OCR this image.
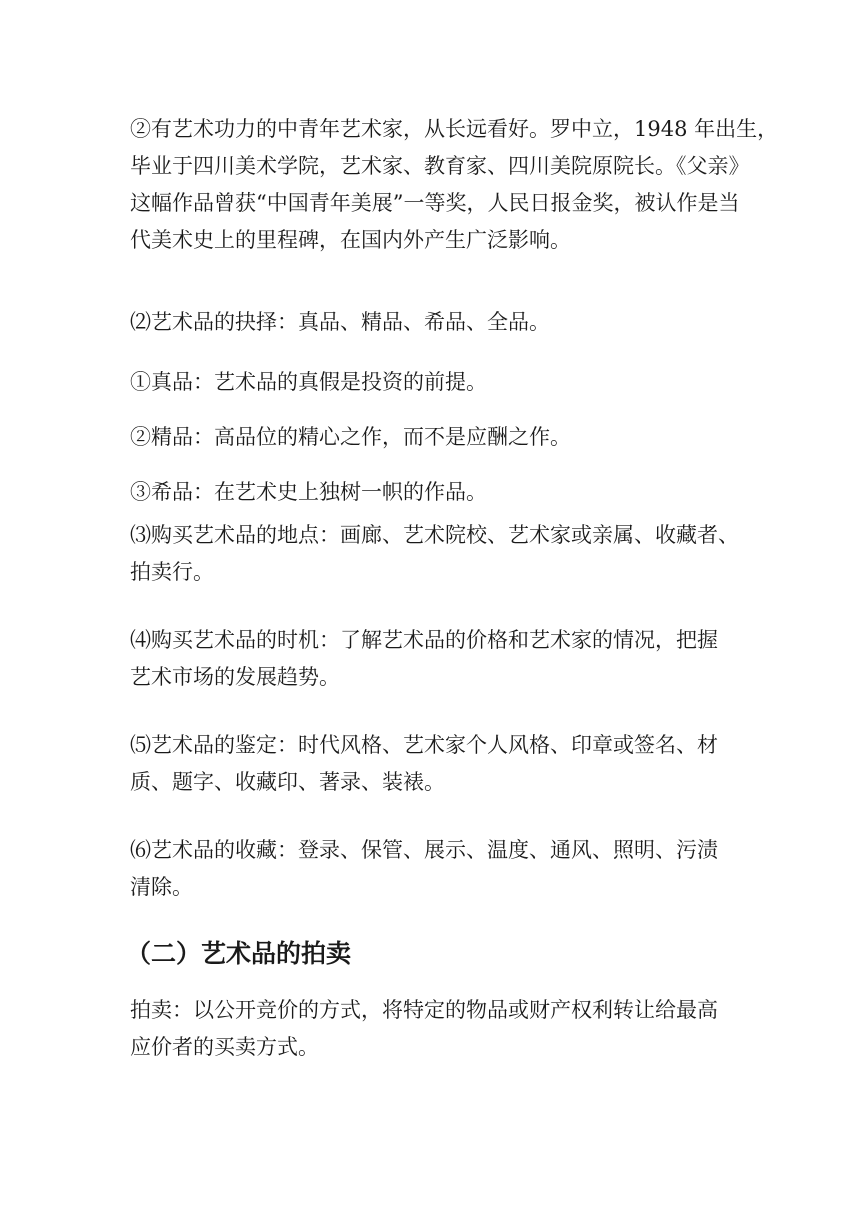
②有艺术功力的中青年艺术家，从长远看好。罗中立，1948 年出生，
毕业于四川美术学院，艺术家、教育家、四川美院原院长。《父亲》
这幅作品曾获“中国青年美展”一等奖，人民日报金奖，被认作是当
代美术史上的里程碑，在国内外产生广泛影响。

⑵艺术品的抉择：真品、精品、希品、全品。

①真品：艺术品的真假是投资的前提。

②精品：高品位的精心之作，而不是应酬之作。

③希品：在艺术史上独树一帜的作品。

⑶购买艺术品的地点：画廊、艺术院校、艺术家或亲属、收藏者、
拍卖行。

⑷购买艺术品的时机：了解艺术品的价格和艺术家的情况，把握
艺术市场的发展趋势。

⑸艺术品的鉴定：时代风格、艺术家个人风格、印章或签名、材
质、题字、收藏印、著录、装裱。

⑹艺术品的收藏：登录、保管、展示、温度、通风、照明、污渍
清除。

（二）艺术品的拍卖

拍卖：以公开竞价的方式，将特定的物品或财产权利转让给最高
应价者的买卖方式。
